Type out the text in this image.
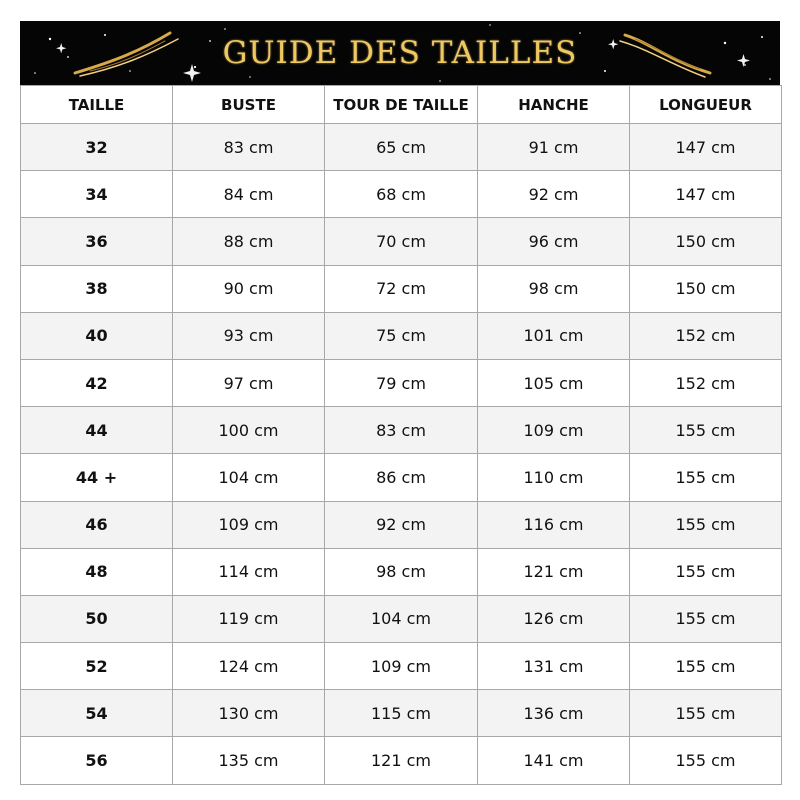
GUIDE DES TAILLES
TAILLE	BUSTE	TOUR DE TAILLE	HANCHE	LONGUEUR
32	83 cm	65 cm	91 cm	147 cm
34	84 cm	68 cm	92 cm	147 cm
36	88 cm	70 cm	96 cm	150 cm
38	90 cm	72 cm	98 cm	150 cm
40	93 cm	75 cm	101 cm	152 cm
42	97 cm	79 cm	105 cm	152 cm
44	100 cm	83 cm	109 cm	155 cm
44 +	104 cm	86 cm	110 cm	155 cm
46	109 cm	92 cm	116 cm	155 cm
48	114 cm	98 cm	121 cm	155 cm
50	119 cm	104 cm	126 cm	155 cm
52	124 cm	109 cm	131 cm	155 cm
54	130 cm	115 cm	136 cm	155 cm
56	135 cm	121 cm	141 cm	155 cm
